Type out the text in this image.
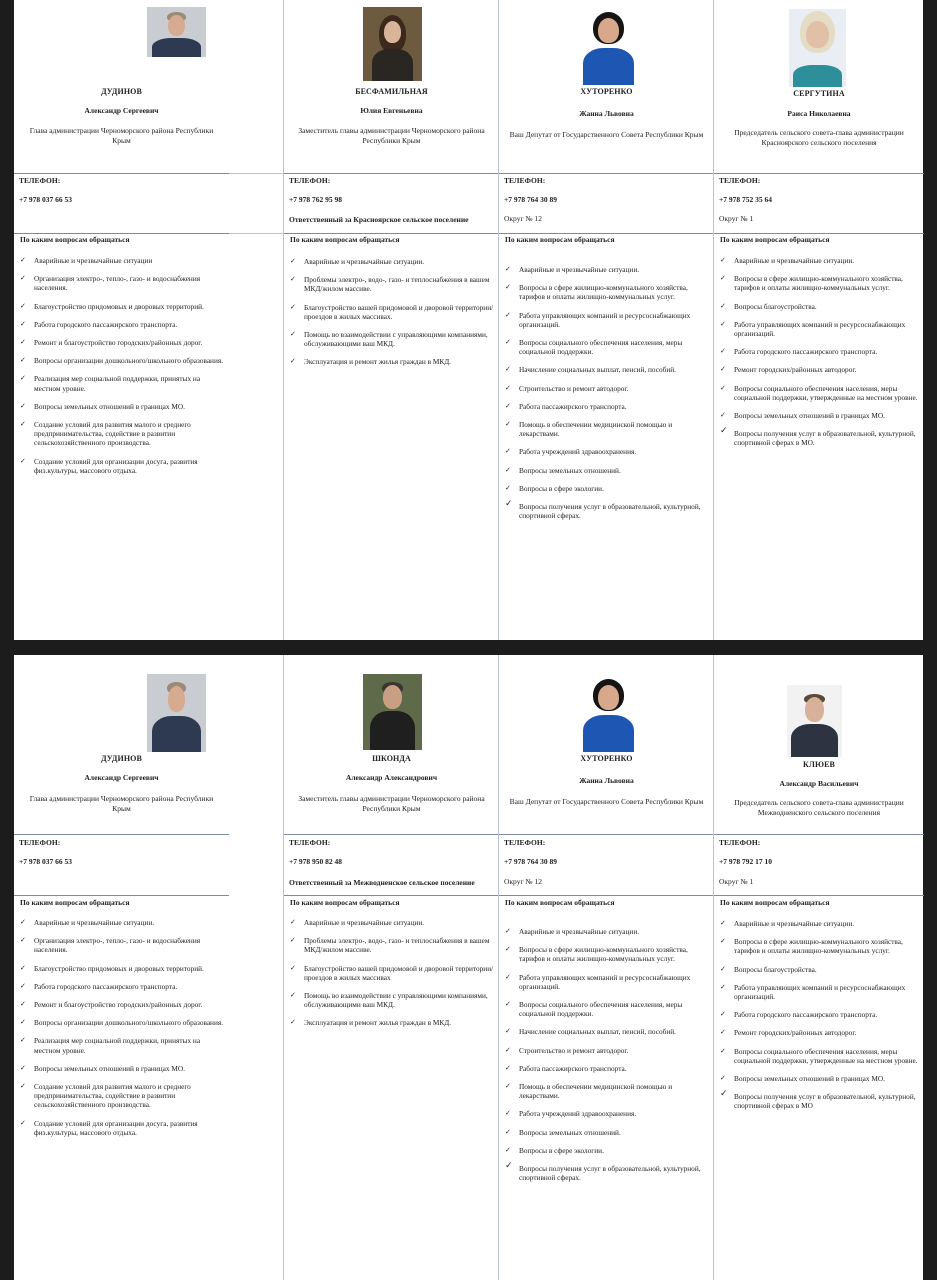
ДУДИНОВ
Александр Сергеевич
Глава администрации Черноморского района Республики Крым
ТЕЛЕФОН:
+7 978 037 66 53
По каким вопросам обращаться
✓ Аварийные и чрезвычайные ситуации
✓ Организация электро-, тепло-, газо- и водоснабжения населения.
✓ Благоустройство придомовых и дворовых территорий.
✓ Работа городского пассажирского транспорта.
✓ Ремонт и благоустройство городских/районных дорог.
✓ Вопросы организации дошкольного/школьного образования.
✓ Реализация мер социальной поддержки, принятых на местном уровне.
✓ Вопросы земельных отношений в границах МО.
✓ Создание условий для развития малого и среднего предпринимательства, содействие в развитии сельскохозяйственного производства.
✓ Создание условий для организации досуга, развития физ.культуры, массового отдыха.
БЕСФАМИЛЬНАЯ
Юлия Евгеньевна
Заместитель главы администрации Черноморского района Республики Крым
ТЕЛЕФОН:
+7 978 762 95 98
Ответственный за Красноярское сельское поселение
По каким вопросам обращаться
✓ Аварийные и чрезвычайные ситуации.
✓ Проблемы электро-, водо-, газо- и теплоснабжения в вашем МКД/жилом массиве.
✓ Благоустройство вашей придомовой и дворовой территории/проездов в жилых массивах.
✓ Помощь во взаимодействии с управляющими компаниями, обслуживающими ваш МКД.
✓ Эксплуатация и ремонт жилья граждан в МКД.
ХУТОРЕНКО
Жанна Львовна
Ваш Депутат от Государственного Совета Республики Крым
ТЕЛЕФОН:
+7 978 764 30 89
Округ № 12
По каким вопросам обращаться
✓ Аварийные и чрезвычайные ситуации.
✓ Вопросы в сфере жилищно-коммунального хозяйства, тарифов и оплаты жилищно-коммунальных услуг.
✓ Работа управляющих компаний и ресурсоснабжающих организаций.
✓ Вопросы социального обеспечения населения, меры социальной поддержки.
✓ Начисление социальных выплат, пенсий, пособий.
✓ Строительство и ремонт автодорог.
✓ Работа пассажирского транспорта.
✓ Помощь в обеспечении медицинской помощью и лекарствами.
✓ Работа учреждений здравоохранения.
✓ Вопросы земельных отношений.
✓ Вопросы в сфере экологии.
✓ Вопросы получения услуг в образовательной, культурной, спортивной сферах.
СЕРГУТИНА
Раиса Николаевна
Председатель сельского совета-глава администрации Красноярского сельского поселения
ТЕЛЕФОН:
+7 978 752 35 64
Округ № 1
По каким вопросам обращаться
✓ Аварийные и чрезвычайные ситуации.
✓ Вопросы в сфере жилищно-коммунального хозяйства, тарифов и оплаты жилищно-коммунальных услуг.
✓ Вопросы благоустройства.
✓ Работа управляющих компаний и ресурсоснабжающих организаций.
✓ Работа городского пассажирского транспорта.
✓ Ремонт городских/районных автодорог.
✓ Вопросы социального обеспечения населения, меры социальной поддержки, утвержденные на местном уровне.
✓ Вопросы земельных отношений в границах МО.
✓ Вопросы получения услуг в образовательной, культурной, спортивной сферах в МО.
ДУДИНОВ
Александр Сергеевич
Глава администрации Черноморского района Республики Крым
ТЕЛЕФОН:
+7 978 037 66 53
По каким вопросам обращаться
✓ Аварийные и чрезвычайные ситуации.
✓ Организация электро-, тепло-, газо- и водоснабжения населения.
✓ Благоустройство придомовых и дворовых территорий.
✓ Работа городского пассажирского транспорта.
✓ Ремонт и благоустройство городских/районных дорог.
✓ Вопросы организации дошкольного/школьного образования.
✓ Реализация мер социальной поддержки, принятых на местном уровне.
✓ Вопросы земельных отношений в границах МО.
✓ Создание условий для развития малого и среднего предпринимательства, содействие в развитии сельскохозяйственного производства.
✓ Создание условий для организации досуга, развития физ.культуры, массового отдыха.
ШКОНДА
Александр Александрович
Заместитель главы администрации Черноморского района Республики Крым
ТЕЛЕФОН:
+7 978 950 82 48
Ответственный за Межводненское сельское поселение
По каким вопросам обращаться
✓ Аварийные и чрезвычайные ситуации.
✓ Проблемы электро-, водо-, газо- и теплоснабжения в вашем МКД/жилом массиве.
✓ Благоустройство вашей придомовой и дворовой территории/проездов в жилых массивах
✓ Помощь во взаимодействии с управляющими компаниями, обслуживающими ваш МКД.
✓ Эксплуатация и ремонт жилья граждан в МКД.
ХУТОРЕНКО
Жанна Львовна
Ваш Депутат от Государственного Совета Республики Крым
ТЕЛЕФОН:
+7 978 764 30 89
Округ № 12
По каким вопросам обращаться
✓ Аварийные и чрезвычайные ситуации.
✓ Вопросы в сфере жилищно-коммунального хозяйства, тарифов и оплаты жилищно-коммунальных услуг.
✓ Работа управляющих компаний и ресурсоснабжающих организаций.
✓ Вопросы социального обеспечения населения, меры социальной поддержки.
✓ Начисление социальных выплат, пенсий, пособий.
✓ Строительство и ремонт автодорог.
✓ Работа пассажирского транспорта.
✓ Помощь в обеспечении медицинской помощью и лекарствами.
✓ Работа учреждений здравоохранения.
✓ Вопросы земельных отношений.
✓ Вопросы в сфере экологии.
✓ Вопросы получения услуг в образовательной, культурной, спортивной сферах.
КЛЮЕВ
Александр Васильевич
Председатель сельского совета-глава администрации Межводненского сельского поселения
ТЕЛЕФОН:
+7 978 792 17 10
Округ № 1
По каким вопросам обращаться
✓ Аварийные и чрезвычайные ситуации.
✓ Вопросы в сфере жилищно-коммунального хозяйства, тарифов и оплаты жилищно-коммунальных услуг.
✓ Вопросы благоустройства.
✓ Работа управляющих компаний и ресурсоснабжающих организаций.
✓ Работа городского пассажирского транспорта.
✓ Ремонт городских/районных автодорог.
✓ Вопросы социального обеспечения населения, меры социальной поддержки, утвержденные на местном уровне.
✓ Вопросы земельных отношений в границах МО.
✓ Вопросы получения услуг в образовательной, культурной, спортивной сферах в МО
